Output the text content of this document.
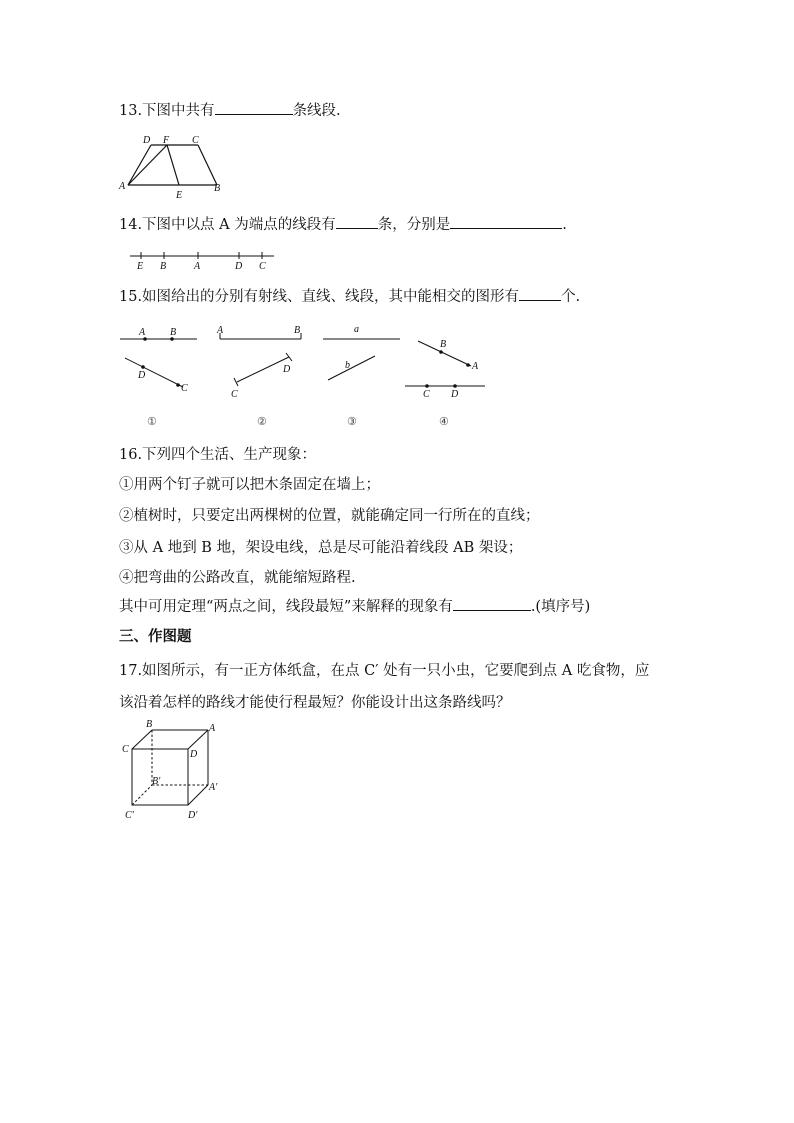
13.下图中共有	条线段.
D F C
A
E
B
14.下图中以点 A 为端点的线段有	条，分别是	.
E B	A	D C
15.如图给出的分别有射线、直线、线段，其中能相交的图形有	个.
A B
D
C
A	B
C
D
a
b
B
A
C D
①	②	③	④
16.下列四个生活、生产现象：
①用两个钉子就可以把木条固定在墙上；
②植树时，只要定出两棵树的位置，就能确定同一行所在的直线；
③从 A 地到 B 地，架设电线，总是尽可能沿着线段 AB 架设；
④把弯曲的公路改直，就能缩短路程.
其中可用定理“两点之间，线段最短”来解释的现象有	.(填序号)
三、作图题
17.如图所示，有一正方体纸盒，在点 C′ 处有一只小虫，它要爬到点 A 吃食物，应
该沿着怎样的路线才能使行程最短？你能设计出这条路线吗？
B	A
C	D
B′
A′
C′	D′
